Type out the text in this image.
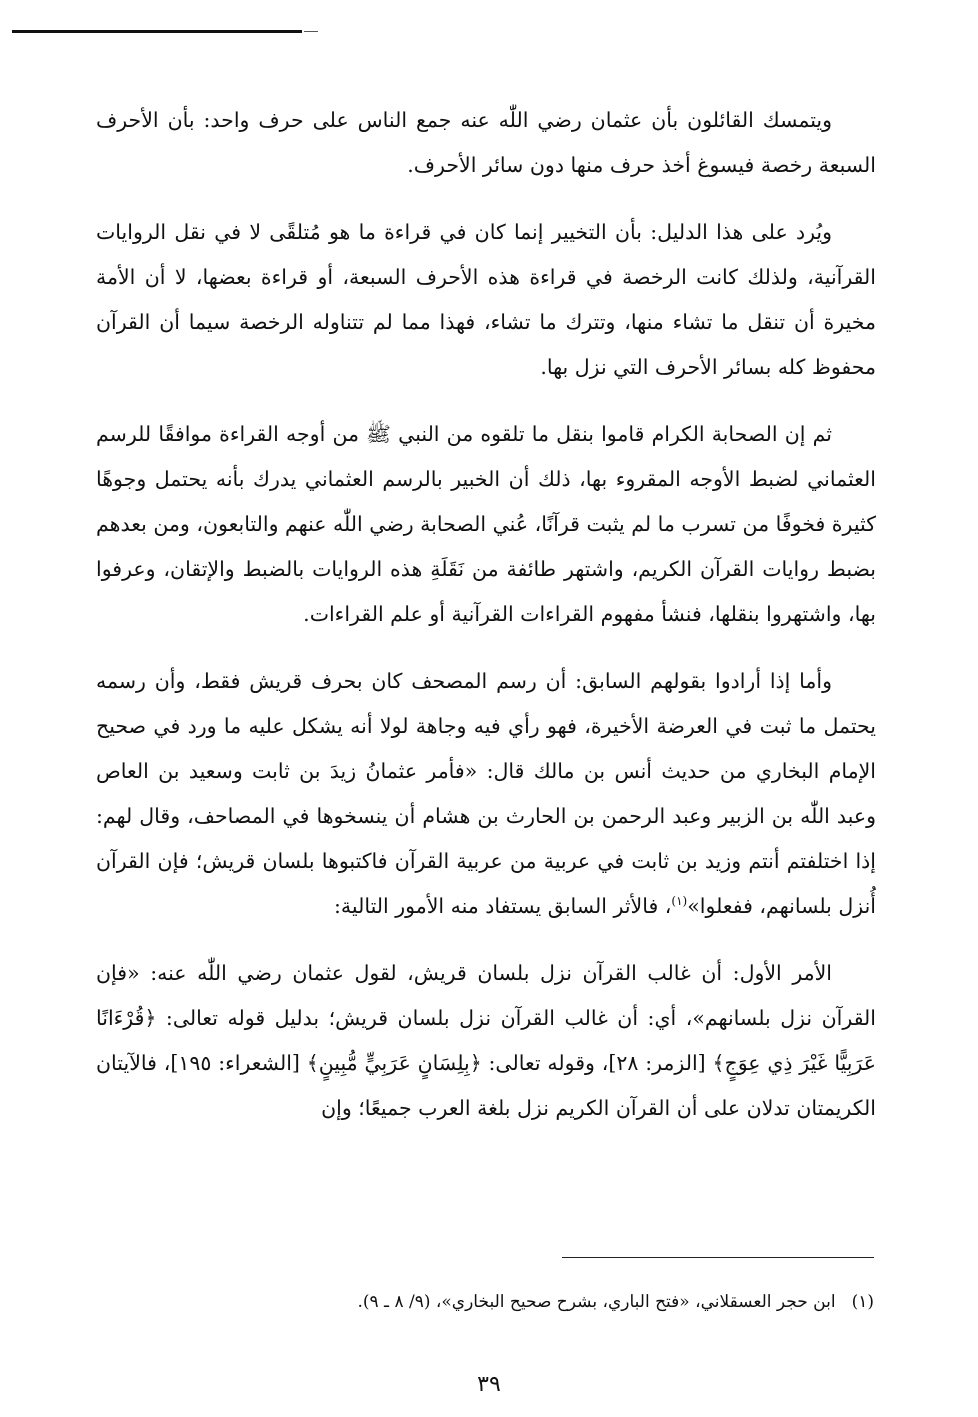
ويتمسك القائلون بأن عثمان رضي اللّٰه عنه جمع الناس على حرف واحد: بأن الأحرف السبعة رخصة فيسوغ أخذ حرف منها دون سائر الأحرف.

ويُرد على هذا الدليل: بأن التخيير إنما كان في قراءة ما هو مُتلقًى لا في نقل الروايات القرآنية، ولذلك كانت الرخصة في قراءة هذه الأحرف السبعة، أو قراءة بعضها، لا أن الأمة مخيرة أن تنقل ما تشاء منها، وتترك ما تشاء، فهذا مما لم تتناوله الرخصة سيما أن القرآن محفوظ كله بسائر الأحرف التي نزل بها.

ثم إن الصحابة الكرام قاموا بنقل ما تلقوه من النبي ﷺ من أوجه القراءة موافقًا للرسم العثماني لضبط الأوجه المقروء بها، ذلك أن الخبير بالرسم العثماني يدرك بأنه يحتمل وجوهًا كثيرة فخوفًا من تسرب ما لم يثبت قرآنًا، عُني الصحابة رضي اللّٰه عنهم والتابعون، ومن بعدهم بضبط روايات القرآن الكريم، واشتهر طائفة من نَقَلَةِ هذه الروايات بالضبط والإتقان، وعرفوا بها، واشتهروا بنقلها، فنشأ مفهوم القراءات القرآنية أو علم القراءات.

وأما إذا أرادوا بقولهم السابق: أن رسم المصحف كان بحرف قريش فقط، وأن رسمه يحتمل ما ثبت في العرضة الأخيرة، فهو رأي فيه وجاهة لولا أنه يشكل عليه ما ورد في صحيح الإمام البخاري من حديث أنس بن مالك قال: «فأمر عثمانُ زيدَ بن ثابت وسعيد بن العاص وعبد اللّٰه بن الزبير وعبد الرحمن بن الحارث بن هشام أن ينسخوها في المصاحف، وقال لهم: إذا اختلفتم أنتم وزيد بن ثابت في عربية من عربية القرآن فاكتبوها بلسان قريش؛ فإن القرآن أُنزل بلسانهم، ففعلوا»$^{(١)}$، فالأثر السابق يستفاد منه الأمور التالية:

الأمر الأول: أن غالب القرآن نزل بلسان قريش، لقول عثمان رضي اللّٰه عنه: «فإن القرآن نزل بلسانهم»، أي: أن غالب القرآن نزل بلسان قريش؛ بدليل قوله تعالى: ﴿قُرْءَانًا عَرَبِيًّا غَيْرَ ذِي عِوَجٍ﴾ [الزمر: ٢٨]، وقوله تعالى: ﴿بِلِسَانٍ عَرَبِيٍّ مُّبِينٍ﴾ [الشعراء: ١٩٥]، فالآيتان الكريمتان تدلان على أن القرآن الكريم نزل بلغة العرب جميعًا؛ وإن

(١)ابن حجر العسقلاني، «فتح الباري، بشرح صحيح البخاري»، (٩/ ٨ ـ ٩).
٣٩
